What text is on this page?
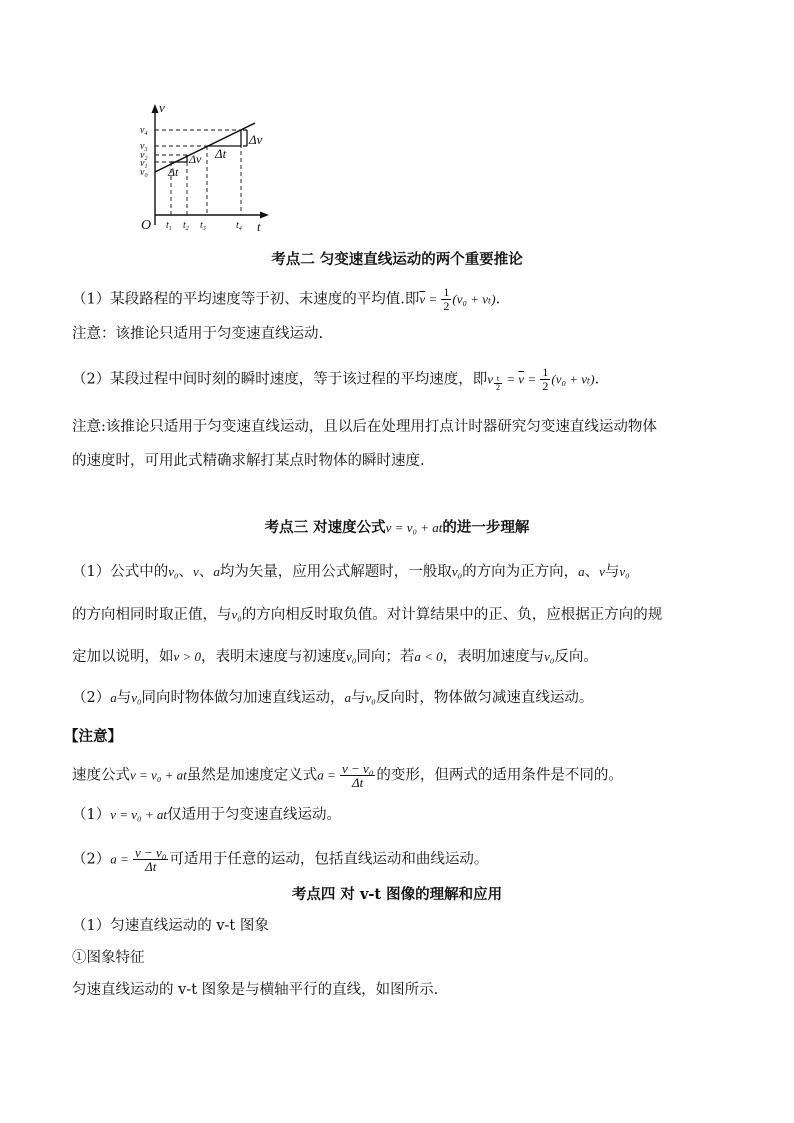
v
t
O
Δv
Δt
Δv
Δt
$v_4$
$v_3$
$v_2$
$v_1$
$v_0$
$t_1$ $t_2$ $t_3$	$t_4$
考点二 匀变速直线运动的两个重要推论
（1）某段路程的平均速度等于初、末速度的平均值.即$\overline{v} = \frac{1}{2} (v_0 + v_t)$.
注意：该推论只适用于匀变速直线运动.
（2）某段过程中间时刻的瞬时速度，等于该过程的平均速度，即v $\frac{t}{2} = \overline{v} = \frac{1}{2} (v_0 + v_t)$.
注意:该推论只适用于匀变速直线运动，且以后在处理用打点计时器研究匀变速直线运动物体
的速度时，可用此式精确求解打某点时物体的瞬时速度.
考点三 对速度公式v = v₀ + at的进一步理解
（1）公式中的v₀、v、a均为矢量，应用公式解题时，一般取v₀的方向为正方向，a、v与v₀
的方向相同时取正值，与v₀的方向相反时取负值。对计算结果中的正、负，应根据正方向的规
定加以说明，如v > 0，表明末速度与初速度v₀同向；若a < 0，表明加速度与v₀反向。
（2）a与v₀同向时物体做匀加速直线运动，a与v₀反向时，物体做匀减速直线运动。
【注意】
速度公式v = v₀ + at虽然是加速度定义式$a = \frac{\text{v − v₀}}{\Delta t}$ 的变形，但两式的适用条件是不同的。
（1）v = v₀ + at仅适用于匀变速直线运动。
$(2)a = \frac{\text{v − v₀}}{\Delta t}$ 可适用于任意的运动，包括直线运动和曲线运动。
考点四 对 v-t 图像的理解和应用
（1）匀速直线运动的 v-t 图象
①图象特征
匀速直线运动的 v-t 图象是与横轴平行的直线，如图所示.
